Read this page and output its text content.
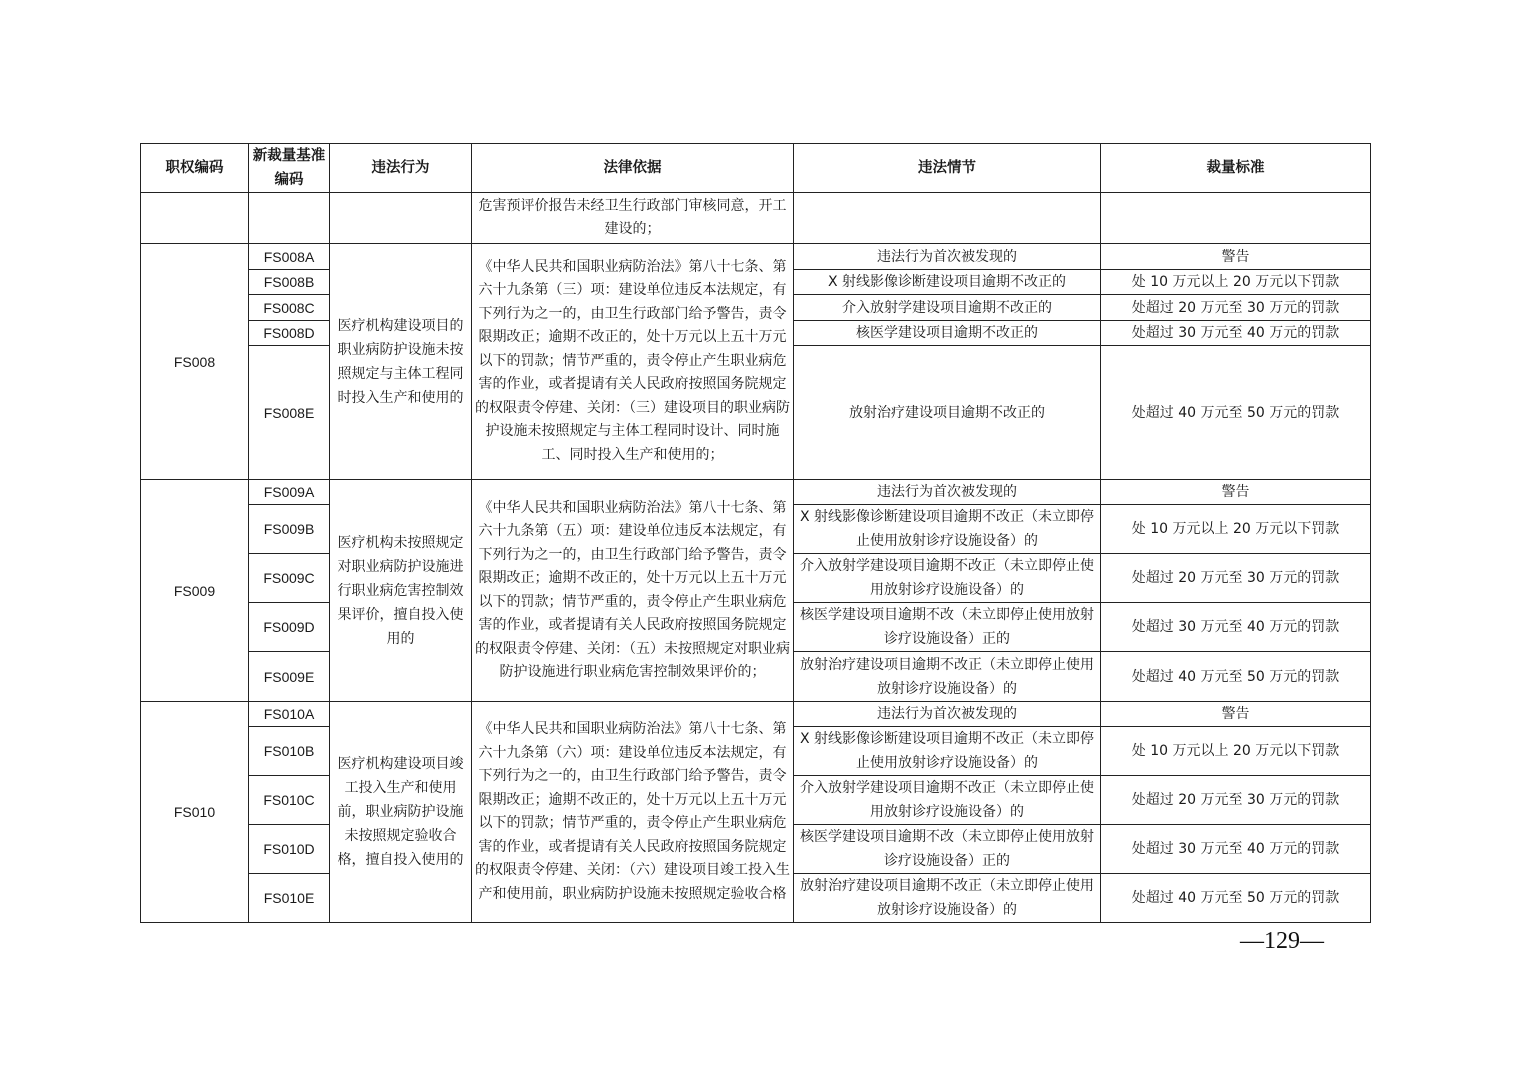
职权编码	新裁量基准编码	违法行为	法律依据	违法情节	裁量标准
			危害预评价报告未经卫生行政部门审核同意，开工建设的；		
FS008	FS008A	医疗机构建设项目的职业病防护设施未按照规定与主体工程同时投入生产和使用的	《中华人民共和国职业病防治法》第八十七条、第六十九条第（三）项：建设单位违反本法规定，有下列行为之一的，由卫生行政部门给予警告，责令限期改正；逾期不改正的，处十万元以上五十万元以下的罚款；情节严重的，责令停止产生职业病危害的作业，或者提请有关人民政府按照国务院规定的权限责令停建、关闭：（三）建设项目的职业病防护设施未按照规定与主体工程同时设计、同时施工、同时投入生产和使用的；	违法行为首次被发现的	警告
	FS008B			X 射线影像诊断建设项目逾期不改正的	处 10 万元以上 20 万元以下罚款
	FS008C			介入放射学建设项目逾期不改正的	处超过 20 万元至 30 万元的罚款
	FS008D			核医学建设项目逾期不改正的	处超过 30 万元至 40 万元的罚款
	FS008E			放射治疗建设项目逾期不改正的	处超过 40 万元至 50 万元的罚款
FS009	FS009A	医疗机构未按照规定对职业病防护设施进行职业病危害控制效果评价，擅自投入使用的	《中华人民共和国职业病防治法》第八十七条、第六十九条第（五）项：建设单位违反本法规定，有下列行为之一的，由卫生行政部门给予警告，责令限期改正；逾期不改正的，处十万元以上五十万元以下的罚款；情节严重的，责令停止产生职业病危害的作业，或者提请有关人民政府按照国务院规定的权限责令停建、关闭：（五）未按照规定对职业病防护设施进行职业病危害控制效果评价的；	违法行为首次被发现的	警告
	FS009B			X 射线影像诊断建设项目逾期不改正（未立即停止使用放射诊疗设施设备）的	处 10 万元以上 20 万元以下罚款
	FS009C			介入放射学建设项目逾期不改正（未立即停止使用放射诊疗设施设备）的	处超过 20 万元至 30 万元的罚款
	FS009D			核医学建设项目逾期不改（未立即停止使用放射诊疗设施设备）正的	处超过 30 万元至 40 万元的罚款
	FS009E			放射治疗建设项目逾期不改正（未立即停止使用放射诊疗设施设备）的	处超过 40 万元至 50 万元的罚款
FS010	FS010A	医疗机构建设项目竣工投入生产和使用前，职业病防护设施未按照规定验收合格，擅自投入使用的	《中华人民共和国职业病防治法》第八十七条、第六十九条第（六）项：建设单位违反本法规定，有下列行为之一的，由卫生行政部门给予警告，责令限期改正；逾期不改正的，处十万元以上五十万元以下的罚款；情节严重的，责令停止产生职业病危害的作业，或者提请有关人民政府按照国务院规定的权限责令停建、关闭：（六）建设项目竣工投入生产和使用前，职业病防护设施未按照规定验收合格	违法行为首次被发现的	警告
	FS010B			X 射线影像诊断建设项目逾期不改正（未立即停止使用放射诊疗设施设备）的	处 10 万元以上 20 万元以下罚款
	FS010C			介入放射学建设项目逾期不改正（未立即停止使用放射诊疗设施设备）的	处超过 20 万元至 30 万元的罚款
	FS010D			核医学建设项目逾期不改（未立即停止使用放射诊疗设施设备）正的	处超过 30 万元至 40 万元的罚款
	FS010E			放射治疗建设项目逾期不改正（未立即停止使用放射诊疗设施设备）的	处超过 40 万元至 50 万元的罚款
—129—
